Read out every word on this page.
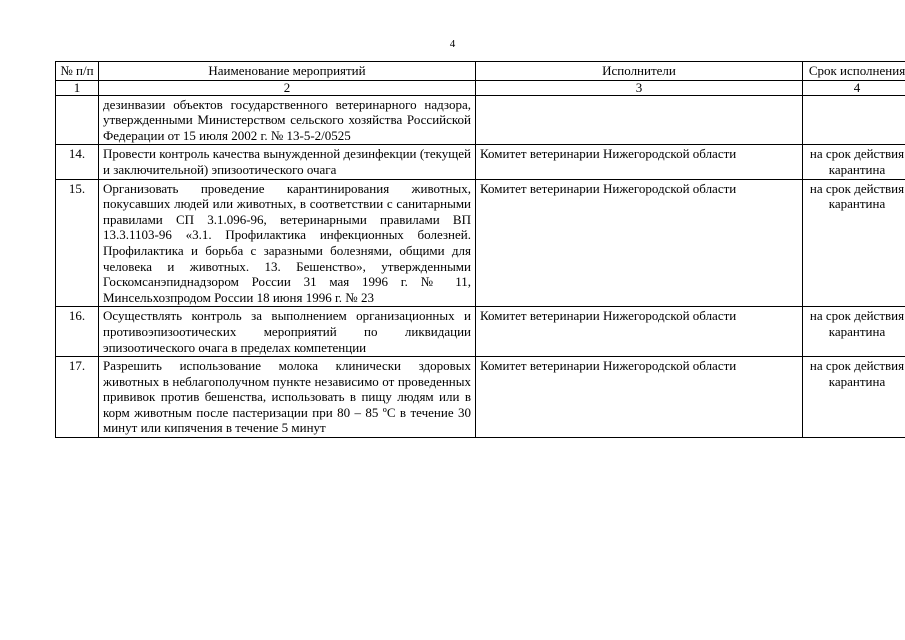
4
№ п/п	Наименование мероприятий	Исполнители	Срок исполнения
1	2	3	4
	дезинвазии объектов государственного ветеринарного надзора, утвержденными Министерством сельского хозяйства Российской Федерации от 15 июля 2002 г. № 13-5-2/0525		
14.	Провести контроль качества вынужденной дезинфекции (текущей и заключительной) эпизоотического очага	Комитет ветеринарии Нижегородской области	на срок действия карантина
15.	Организовать проведение карантинирования животных, покусавших людей или животных, в соответствии с санитарными правилами СП 3.1.096-96, ветеринарными правилами ВП 13.3.1103-96 «3.1. Профилактика инфекционных болезней. Профилактика и борьба с заразными болезнями, общими для человека и животных. 13. Бешенство», утвержденными Госкомсанэпиднадзором России 31 мая 1996 г. № 11, Минсельхозпродом России 18 июня 1996 г. № 23	Комитет ветеринарии Нижегородской области	на срок действия карантина
16.	Осуществлять контроль за выполнением организационных и противоэпизоотических мероприятий по ликвидации эпизоотического очага в пределах компетенции	Комитет ветеринарии Нижегородской области	на срок действия карантина
17.	Разрешить использование молока клинически здоровых животных в неблагополучном пункте независимо от проведенных прививок против бешенства, использовать в пищу людям или в корм животным после пастеризации при 80 – 85 ºС в течение 30 минут или кипячения в течение 5 минут	Комитет ветеринарии Нижегородской области	на срок действия карантина
